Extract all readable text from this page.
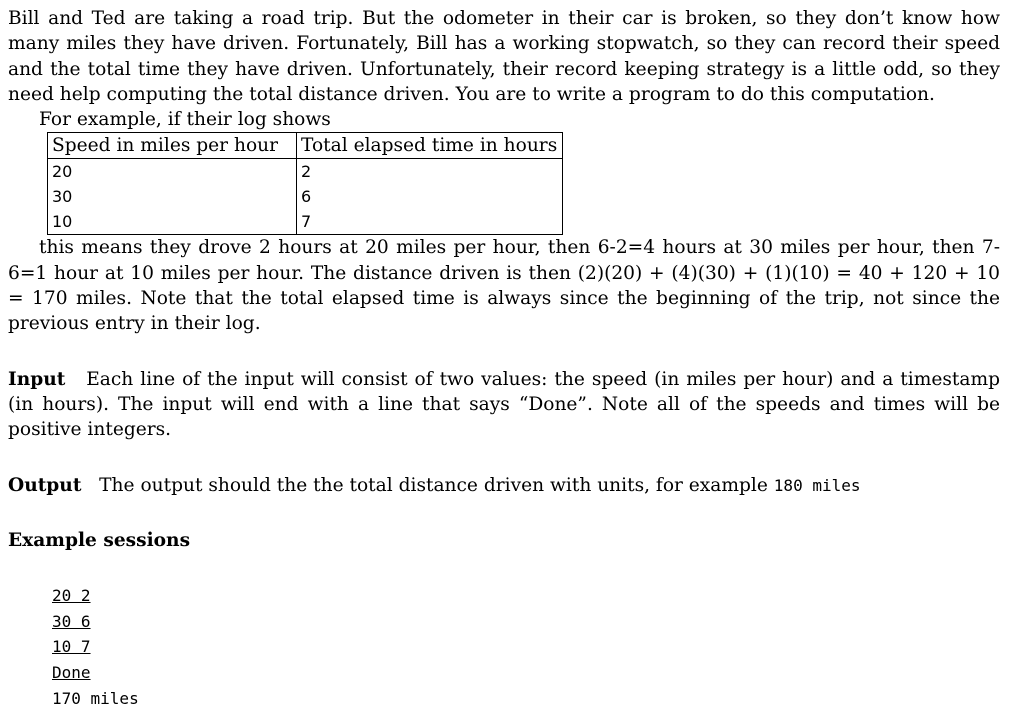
Bill and Ted are taking a road trip. But the odometer in their car is broken, so they don’t know how many miles they have driven. Fortunately, Bill has a working stopwatch, so they can record their speed and the total time they have driven. Unfortunately, their record keeping strategy is a little odd, so they need help computing the total distance driven. You are to write a program to do this computation.

For example, if their log shows

Speed in miles per hour	Total elapsed time in hours
20	2
30	6
10	7

this means they drove 2 hours at 20 miles per hour, then 6-2=4 hours at 30 miles per hour, then 7-6=1 hour at 10 miles per hour. The distance driven is then (2)(20) + (4)(30) + (1)(10) = 40 + 120 + 10 = 170 miles. Note that the total elapsed time is always since the beginning of the trip, not since the previous entry in their log.

Input Each line of the input will consist of two values: the speed (in miles per hour) and a timestamp (in hours). The input will end with a line that says “Done”. Note all of the speeds and times will be positive integers.

Output The output should the the total distance driven with units, for example 180 miles

Example sessions

20 2
30 6
10 7
Done
170 miles
